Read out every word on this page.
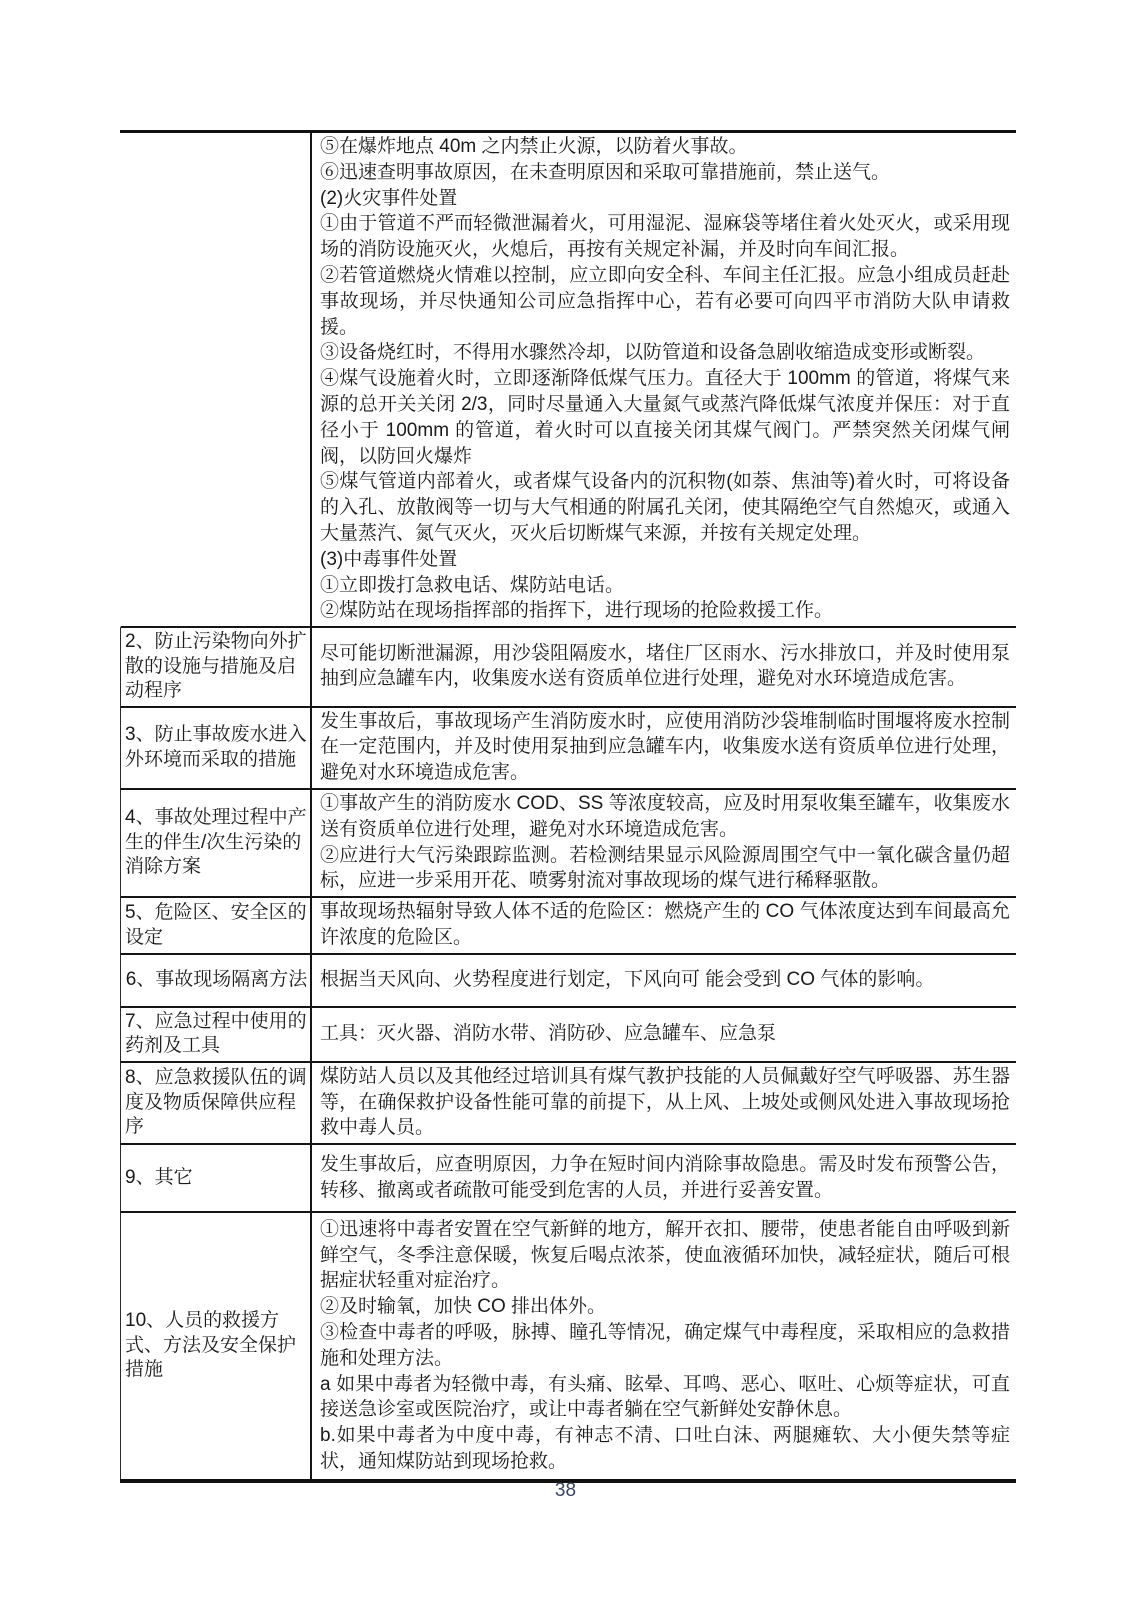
⑤在爆炸地点 40m 之内禁止火源，以防着火事故。

⑥迅速查明事故原因，在未查明原因和采取可靠措施前，禁止送气。

(2)火灾事件处置

①由于管道不严而轻微泄漏着火，可用湿泥、湿麻袋等堵住着火处灭火，或采用现场的消防设施灭火，火熄后，再按有关规定补漏，并及时向车间汇报。

②若管道燃烧火情难以控制，应立即向安全科、车间主任汇报。应急小组成员赶赴事故现场，并尽快通知公司应急指挥中心，若有必要可向四平市消防大队申请救援。

③设备烧红时，不得用水骤然冷却，以防管道和设备急剧收缩造成变形或断裂。

④煤气设施着火时，立即逐渐降低煤气压力。直径大于 100mm 的管道，将煤气来源的总开关关闭 2/3，同时尽量通入大量氮气或蒸汽降低煤气浓度并保压：对于直径小于 100mm 的管道，着火时可以直接关闭其煤气阀门。严禁突然关闭煤气闸阀，以防回火爆炸

⑤煤气管道内部着火，或者煤气设备内的沉积物(如萘、焦油等)着火时，可将设备的入孔、放散阀等一切与大气相通的附属孔关闭，使其隔绝空气自然熄灭，或通入大量蒸汽、氮气灭火，灭火后切断煤气来源，并按有关规定处理。

(3)中毒事件处置

①立即拨打急救电话、煤防站电话。

②煤防站在现场指挥部的指挥下，进行现场的抢险救援工作。

2、防止污染物向外扩散的设施与措施及启动程序

尽可能切断泄漏源，用沙袋阻隔废水，堵住厂区雨水、污水排放口，并及时使用泵抽到应急罐车内，收集废水送有资质单位进行处理，避免对水环境造成危害。

3、防止事故废水进入外环境而采取的措施

发生事故后，事故现场产生消防废水时，应使用消防沙袋堆制临时围堰将废水控制在一定范围内，并及时使用泵抽到应急罐车内，收集废水送有资质单位进行处理，避免对水环境造成危害。

4、事故处理过程中产生的伴生/次生污染的消除方案

①事故产生的消防废水 COD、SS 等浓度较高，应及时用泵收集至罐车，收集废水送有资质单位进行处理，避免对水环境造成危害。

②应进行大气污染跟踪监测。若检测结果显示风险源周围空气中一氧化碳含量仍超标，应进一步采用开花、喷雾射流对事故现场的煤气进行稀释驱散。

5、危险区、安全区的设定

事故现场热辐射导致人体不适的危险区：燃烧产生的 CO 气体浓度达到车间最高允许浓度的危险区。

6、事故现场隔离方法 根据当天风向、火势程度进行划定，下风向可 能会受到 CO 气体的影响。

7、应急过程中使用的药剂及工具

工具：灭火器、消防水带、消防砂、应急罐车、应急泵

8、应急救援队伍的调度及物质保障供应程序

煤防站人员以及其他经过培训具有煤气教护技能的人员佩戴好空气呼吸器、苏生器等，在确保救护设备性能可靠的前提下，从上风、上坡处或侧风处进入事故现场抢救中毒人员。

9、其它

发生事故后，应查明原因，力争在短时间内消除事故隐患。需及时发布预警公告，转移、撤离或者疏散可能受到危害的人员，并进行妥善安置。

10、人员的救援方式、方法及安全保护措施

①迅速将中毒者安置在空气新鲜的地方，解开衣扣、腰带，使患者能自由呼吸到新鲜空气，冬季注意保暖，恢复后喝点浓茶，使血液循环加快，减轻症状，随后可根据症状轻重对症治疗。

②及时输氧，加快 CO 排出体外。

③检查中毒者的呼吸，脉搏、瞳孔等情况，确定煤气中毒程度，采取相应的急救措施和处理方法。

a 如果中毒者为轻微中毒，有头痛、眩晕、耳鸣、恶心、呕吐、心烦等症状，可直接送急诊室或医院治疗，或让中毒者躺在空气新鲜处安静休息。

b.如果中毒者为中度中毒，有神志不清、口吐白沫、两腿瘫软、大小便失禁等症状，通知煤防站到现场抢救。

38
